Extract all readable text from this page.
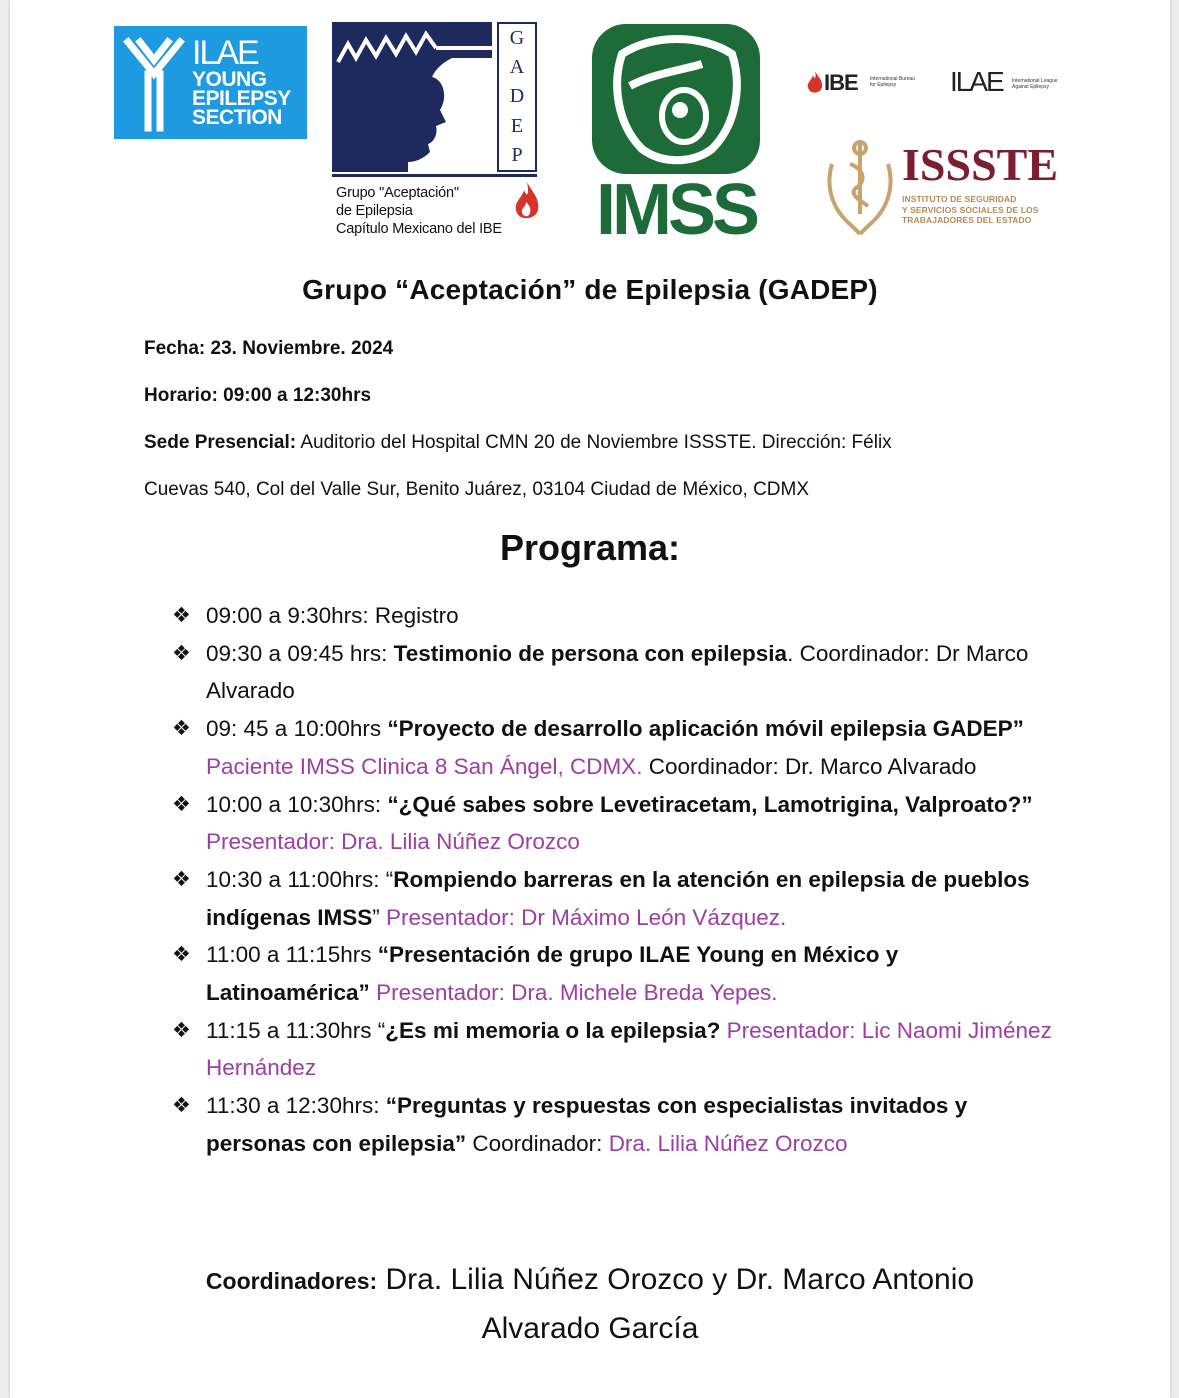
ILAE
YOUNG
EPILEPSY
SECTION
G
A
D
E
P
Grupo "Aceptación"
de Epilepsia
Capítulo Mexicano del IBE IMSS
IBE International Bureau
for Epilepsy	ILAE International League
Against Epilepsy
ISSSTE
INSTITUTO DE SEGURIDAD
Y SERVICIOS SOCIALES DE LOS
TRABAJADORES DEL ESTADO
Grupo “Aceptación” de Epilepsia (GADEP)
Fecha: 23. Noviembre. 2024
Horario: 09:00 a 12:30hrs
Sede Presencial: Auditorio del Hospital CMN 20 de Noviembre ISSSTE. Dirección: Félix
Cuevas 540, Col del Valle Sur, Benito Juárez, 03104 Ciudad de México, CDMX
Programa:
❖ 09:00 a 9:30hrs: Registro
❖ 09:30 a 09:45 hrs: Testimonio de persona con epilepsia. Coordinador: Dr Marco Alvarado
❖ 09: 45 a 10:00hrs “Proyecto de desarrollo aplicación móvil epilepsia GADEP” Paciente IMSS Clinica 8 San Ángel, CDMX. Coordinador: Dr. Marco Alvarado
❖ 10:00 a 10:30hrs: “¿Qué sabes sobre Levetiracetam, Lamotrigina, Valproato?” Presentador: Dra. Lilia Núñez Orozco
❖ 10:30 a 11:00hrs: “Rompiendo barreras en la atención en epilepsia de pueblos indígenas IMSS” Presentador: Dr Máximo León Vázquez.
❖ 11:00 a 11:15hrs “Presentación de grupo ILAE Young en México y Latinoamérica” Presentador: Dra. Michele Breda Yepes.
❖ 11:15 a 11:30hrs “¿Es mi memoria o la epilepsia? Presentador: Lic Naomi Jiménez Hernández
❖ 11:30 a 12:30hrs: “Preguntas y respuestas con especialistas invitados y personas con epilepsia” Coordinador: Dra. Lilia Núñez Orozco
Coordinadores: Dra. Lilia Núñez Orozco y Dr. Marco Antonio
Alvarado García
